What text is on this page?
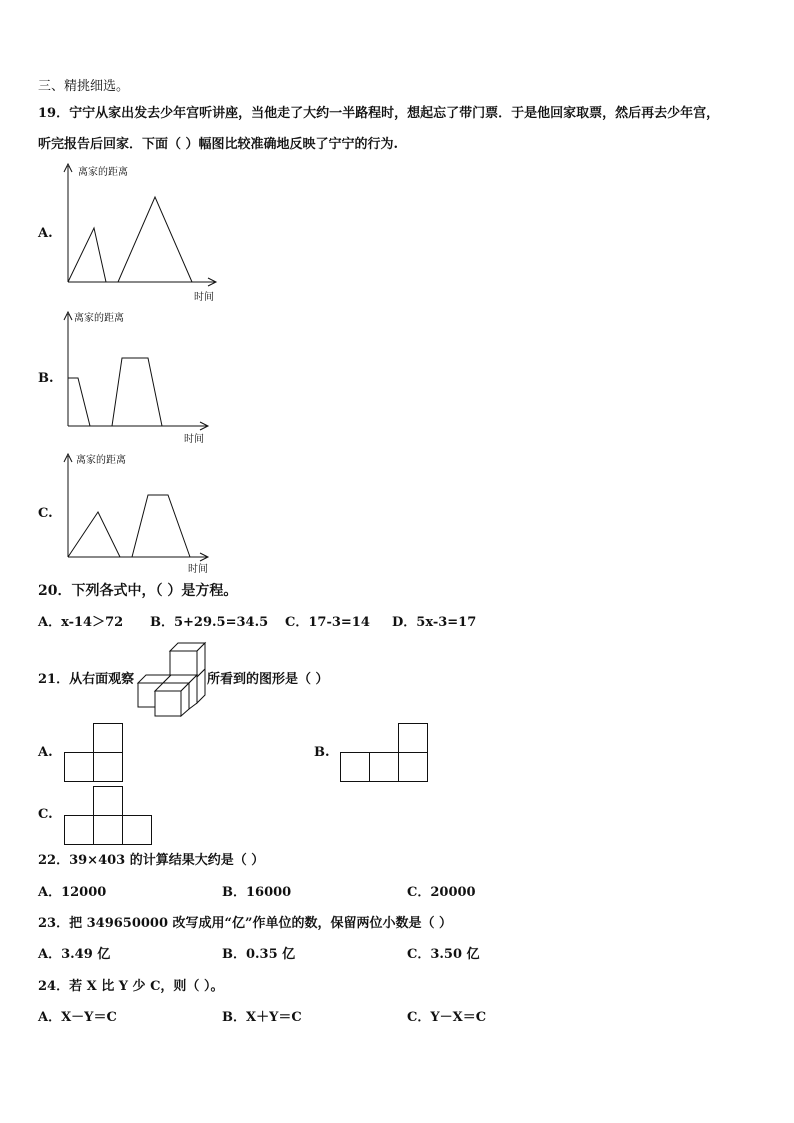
三、精挑细选。
19．宁宁从家出发去少年宫听讲座，当他走了大约一半路程时，想起忘了带门票．于是他回家取票，然后再去少年宫，
听完报告后回家．下面（ ）幅图比较准确地反映了宁宁的行为.
A.
离家的距离
时间
B.
离家的距离
时间
C.
离家的距离
时间
20．下列各式中，（ ）是方程。
A．x-14＞72 B．5+29.5=34.5 C．17-3=14 D．5x-3=17
21．从右面观察	所看到的图形是（ ）
A.	B.
C.
22．39×403 的计算结果大约是（ ）
A．12000	B．16000	C．20000
23．把 349650000 改写成用“亿”作单位的数，保留两位小数是（ ）
A．3.49 亿	B．0.35 亿	C．3.50 亿
24．若 X 比 Y 少 C，则（ ）。
A．X－Y＝C	B．X＋Y＝C	C．Y－X＝C
